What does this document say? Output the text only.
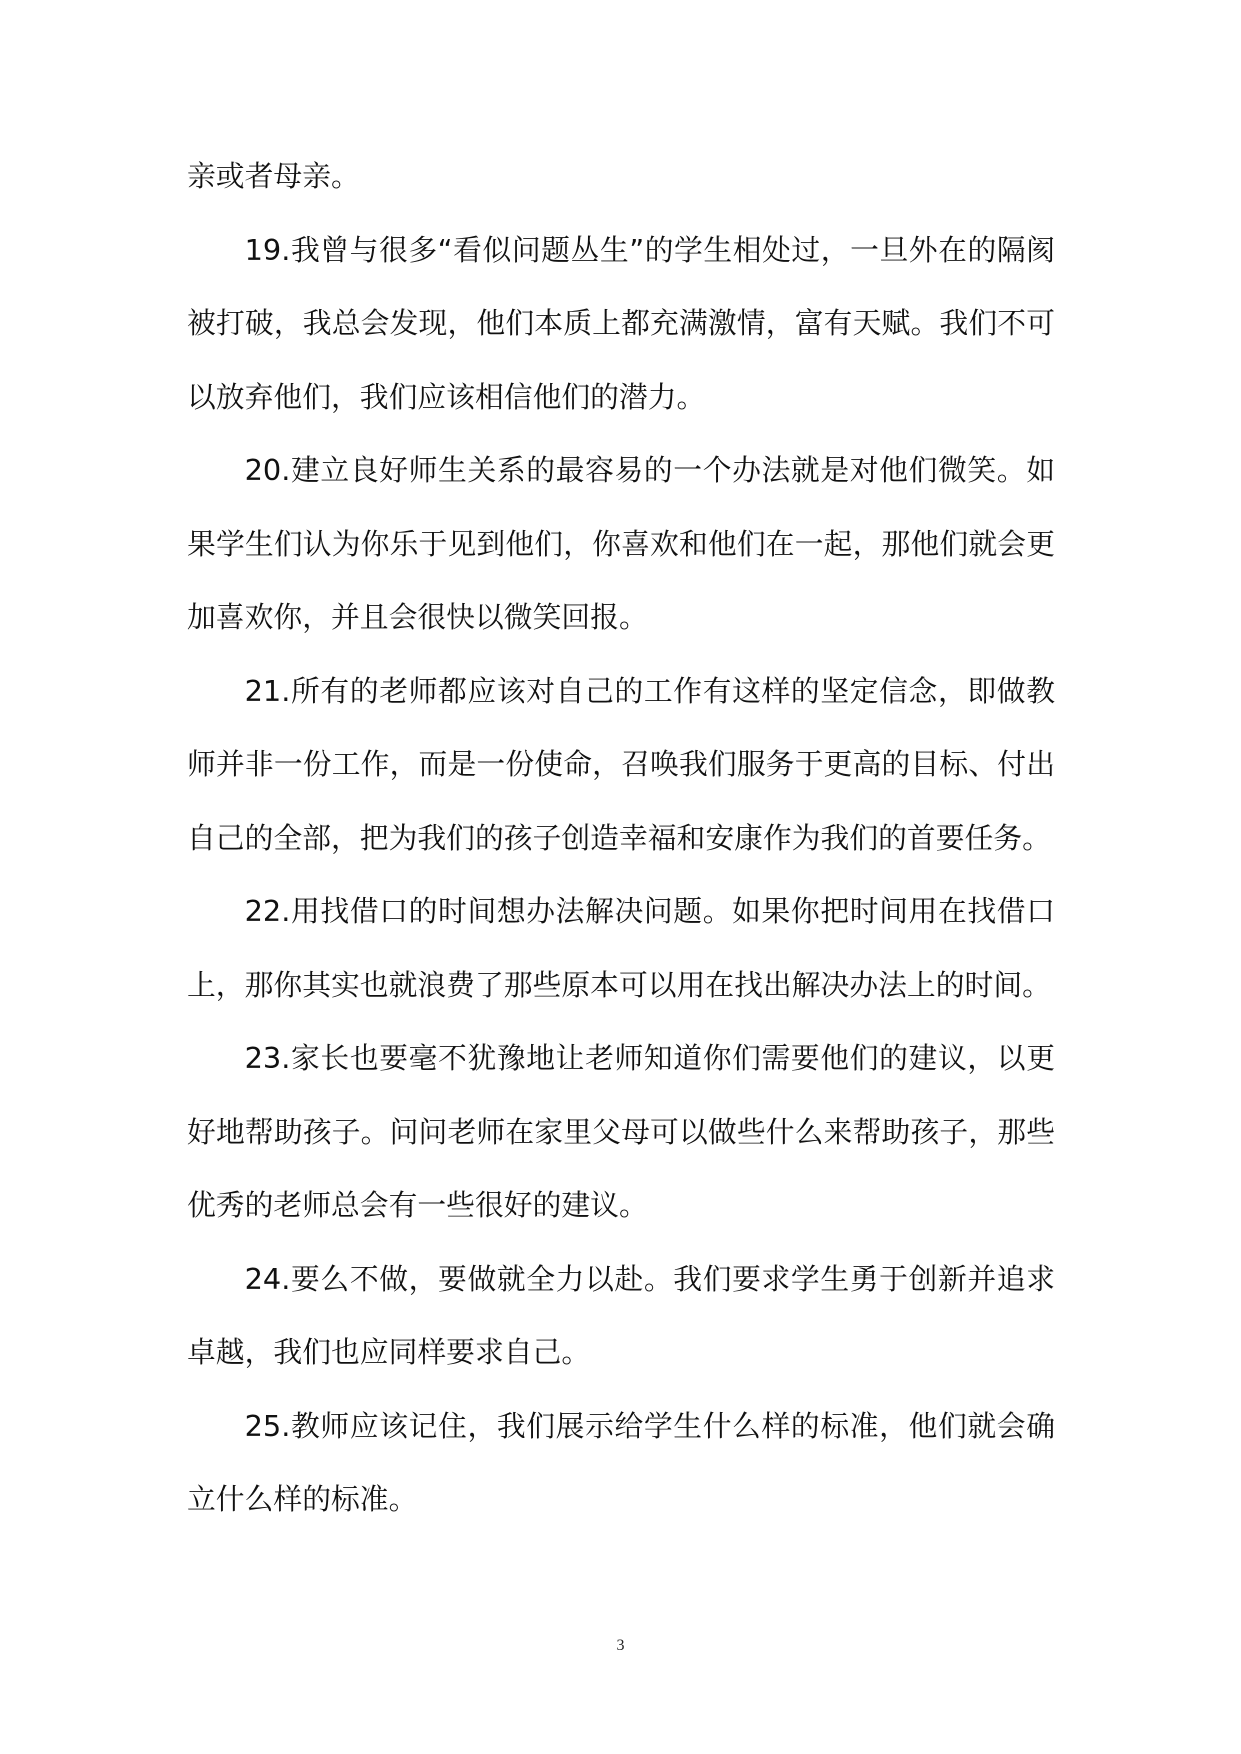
亲或者母亲。

19.我曾与很多“看似问题丛生”的学生相处过，一旦外在的隔阂被打破，我总会发现，他们本质上都充满激情，富有天赋。我们不可以放弃他们，我们应该相信他们的潜力。

20.建立良好师生关系的最容易的一个办法就是对他们微笑。如果学生们认为你乐于见到他们，你喜欢和他们在一起，那他们就会更加喜欢你，并且会很快以微笑回报。

21.所有的老师都应该对自己的工作有这样的坚定信念，即做教师并非一份工作，而是一份使命，召唤我们服务于更高的目标、付出自己的全部，把为我们的孩子创造幸福和安康作为我们的首要任务。

22.用找借口的时间想办法解决问题。如果你把时间用在找借口上，那你其实也就浪费了那些原本可以用在找出解决办法上的时间。

23.家长也要毫不犹豫地让老师知道你们需要他们的建议，以更好地帮助孩子。问问老师在家里父母可以做些什么来帮助孩子，那些优秀的老师总会有一些很好的建议。

24.要么不做，要做就全力以赴。我们要求学生勇于创新并追求卓越，我们也应同样要求自己。

25.教师应该记住，我们展示给学生什么样的标准，他们就会确立什么样的标准。

3
